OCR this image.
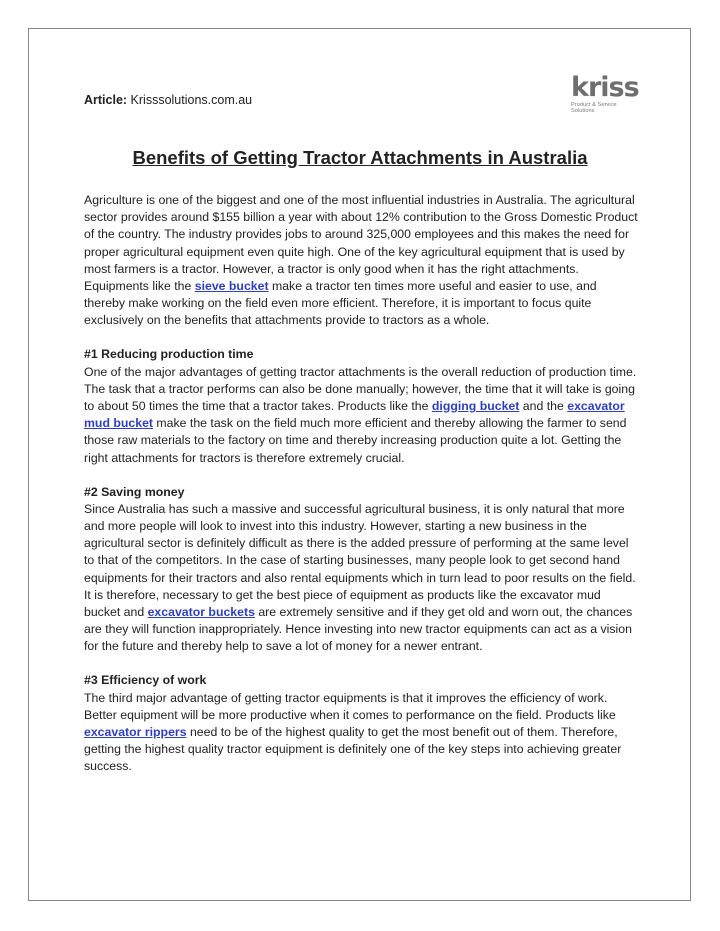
Article: Krisssolutions.com.au	kriss
Product & Service Solutions
Benefits of Getting Tractor Attachments in Australia

Agriculture is one of the biggest and one of the most influential industries in Australia. The agricultural sector provides around $155 billion a year with about 12% contribution to the Gross Domestic Product of the country. The industry provides jobs to around 325,000 employees and this makes the need for proper agricultural equipment even quite high. One of the key agricultural equipment that is used by most farmers is a tractor. However, a tractor is only good when it has the right attachments. Equipments like the sieve bucket make a tractor ten times more useful and easier to use, and thereby make working on the field even more efficient. Therefore, it is important to focus quite exclusively on the benefits that attachments provide to tractors as a whole.

#1 Reducing production time

One of the major advantages of getting tractor attachments is the overall reduction of production time. The task that a tractor performs can also be done manually; however, the time that it will take is going to about 50 times the time that a tractor takes. Products like the digging bucket and the excavator mud bucket make the task on the field much more efficient and thereby allowing the farmer to send those raw materials to the factory on time and thereby increasing production quite a lot. Getting the right attachments for tractors is therefore extremely crucial.

#2 Saving money

Since Australia has such a massive and successful agricultural business, it is only natural that more and more people will look to invest into this industry. However, starting a new business in the agricultural sector is definitely difficult as there is the added pressure of performing at the same level to that of the competitors. In the case of starting businesses, many people look to get second hand equipments for their tractors and also rental equipments which in turn lead to poor results on the field. It is therefore, necessary to get the best piece of equipment as products like the excavator mud bucket and excavator buckets are extremely sensitive and if they get old and worn out, the chances are they will function inappropriately. Hence investing into new tractor equipments can act as a vision for the future and thereby help to save a lot of money for a newer entrant.

#3 Efficiency of work

The third major advantage of getting tractor equipments is that it improves the efficiency of work. Better equipment will be more productive when it comes to performance on the field. Products like excavator rippers need to be of the highest quality to get the most benefit out of them. Therefore, getting the highest quality tractor equipment is definitely one of the key steps into achieving greater success.
